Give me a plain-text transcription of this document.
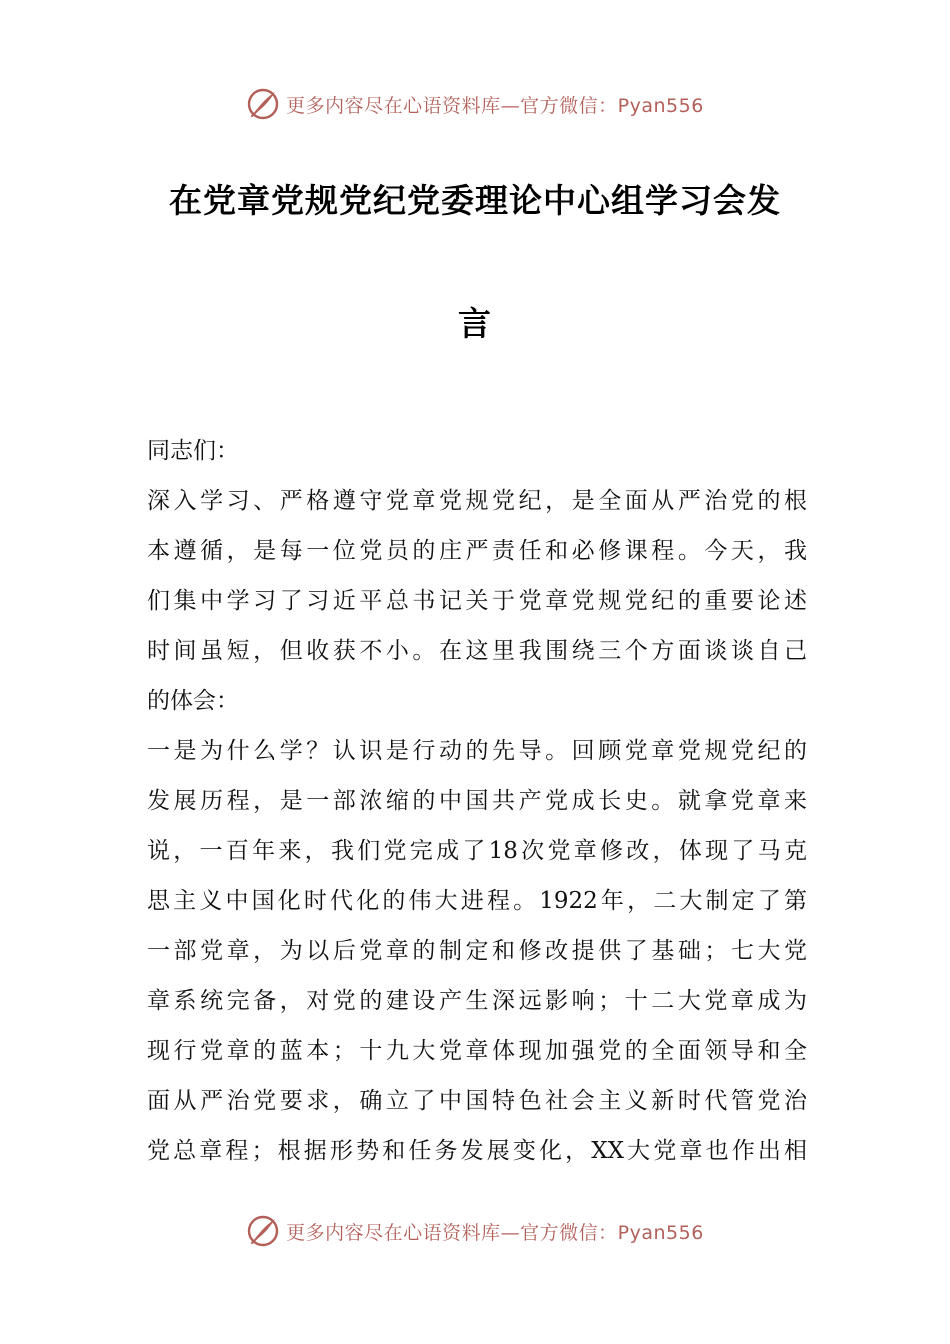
更多内容尽在心语资料库—官方微信：Pyan556
在党章党规党纪党委理论中心组学习会发
言
同志们：
深入学习、严格遵守党章党规党纪，是全面从严治党的根
本遵循，是每一位党员的庄严责任和必修课程。今天，我
们集中学习了习近平总书记关于党章党规党纪的重要论述
时间虽短，但收获不小。在这里我围绕三个方面谈谈自己
的体会：
一是为什么学？认识是行动的先导。回顾党章党规党纪的
发展历程，是一部浓缩的中国共产党成长史。就拿党章来
说，一百年来，我们党完成了18次党章修改，体现了马克
思主义中国化时代化的伟大进程。1922年，二大制定了第
一部党章，为以后党章的制定和修改提供了基础；七大党
章系统完备，对党的建设产生深远影响；十二大党章成为
现行党章的蓝本；十九大党章体现加强党的全面领导和全
面从严治党要求，确立了中国特色社会主义新时代管党治
党总章程；根据形势和任务发展变化，XX大党章也作出相
更多内容尽在心语资料库—官方微信：Pyan556
